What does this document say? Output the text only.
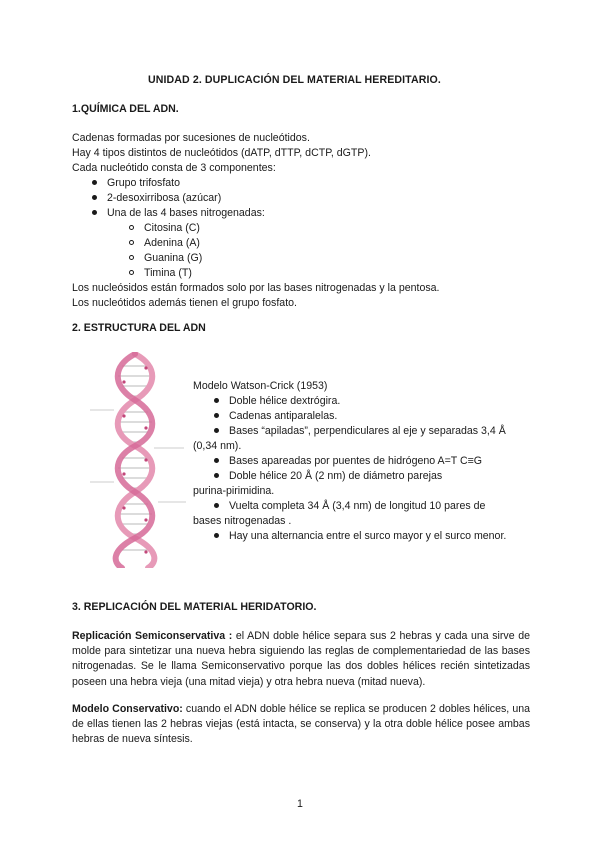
UNIDAD 2. DUPLICACIÓN DEL MATERIAL HEREDITARIO.
1.QUÍMICA DEL ADN.
Cadenas formadas por sucesiones de nucleótidos.
Hay 4 tipos distintos de nucleótidos (dATP, dTTP, dCTP, dGTP).
Cada nucleótido consta de 3 componentes:
Grupo trifosfato
2-desoxirribosa (azúcar)
Una de las 4 bases nitrogenadas:
Citosina (C)
Adenina (A)
Guanina (G)
Timina (T)
Los nucleósidos están formados solo por las bases nitrogenadas y la pentosa.
Los nucleótidos además tienen el grupo fosfato.
2. ESTRUCTURA DEL ADN
Modelo Watson-Crick (1953)
Doble hélice dextrógira.
Cadenas antiparalelas.
Bases “apiladas”, perpendiculares al eje y separadas 3,4 Å
(0,34 nm).
Bases apareadas por puentes de hidrógeno A=T C≡G
Doble hélice 20 Å (2 nm) de diámetro parejas
purina-pirimidina.
Vuelta completa 34 Å (3,4 nm) de longitud 10 pares de
bases nitrogenadas .
Hay una alternancia entre el surco mayor y el surco menor.
3. REPLICACIÓN DEL MATERIAL HERIDATORIO.
Replicación Semiconservativa : el ADN doble hélice separa sus 2 hebras y cada una sirve de molde para sintetizar una nueva hebra siguiendo las reglas de complementariedad de las bases nitrogenadas. Se le llama Semiconservativo porque las dos dobles hélices recién sintetizadas poseen una hebra vieja (una mitad vieja) y otra hebra nueva (mitad nueva).
Modelo Conservativo: cuando el ADN doble hélice se replica se producen 2 dobles hélices, una de ellas tienen las 2 hebras viejas (está intacta, se conserva) y la otra doble hélice posee ambas hebras de nueva síntesis.
1
